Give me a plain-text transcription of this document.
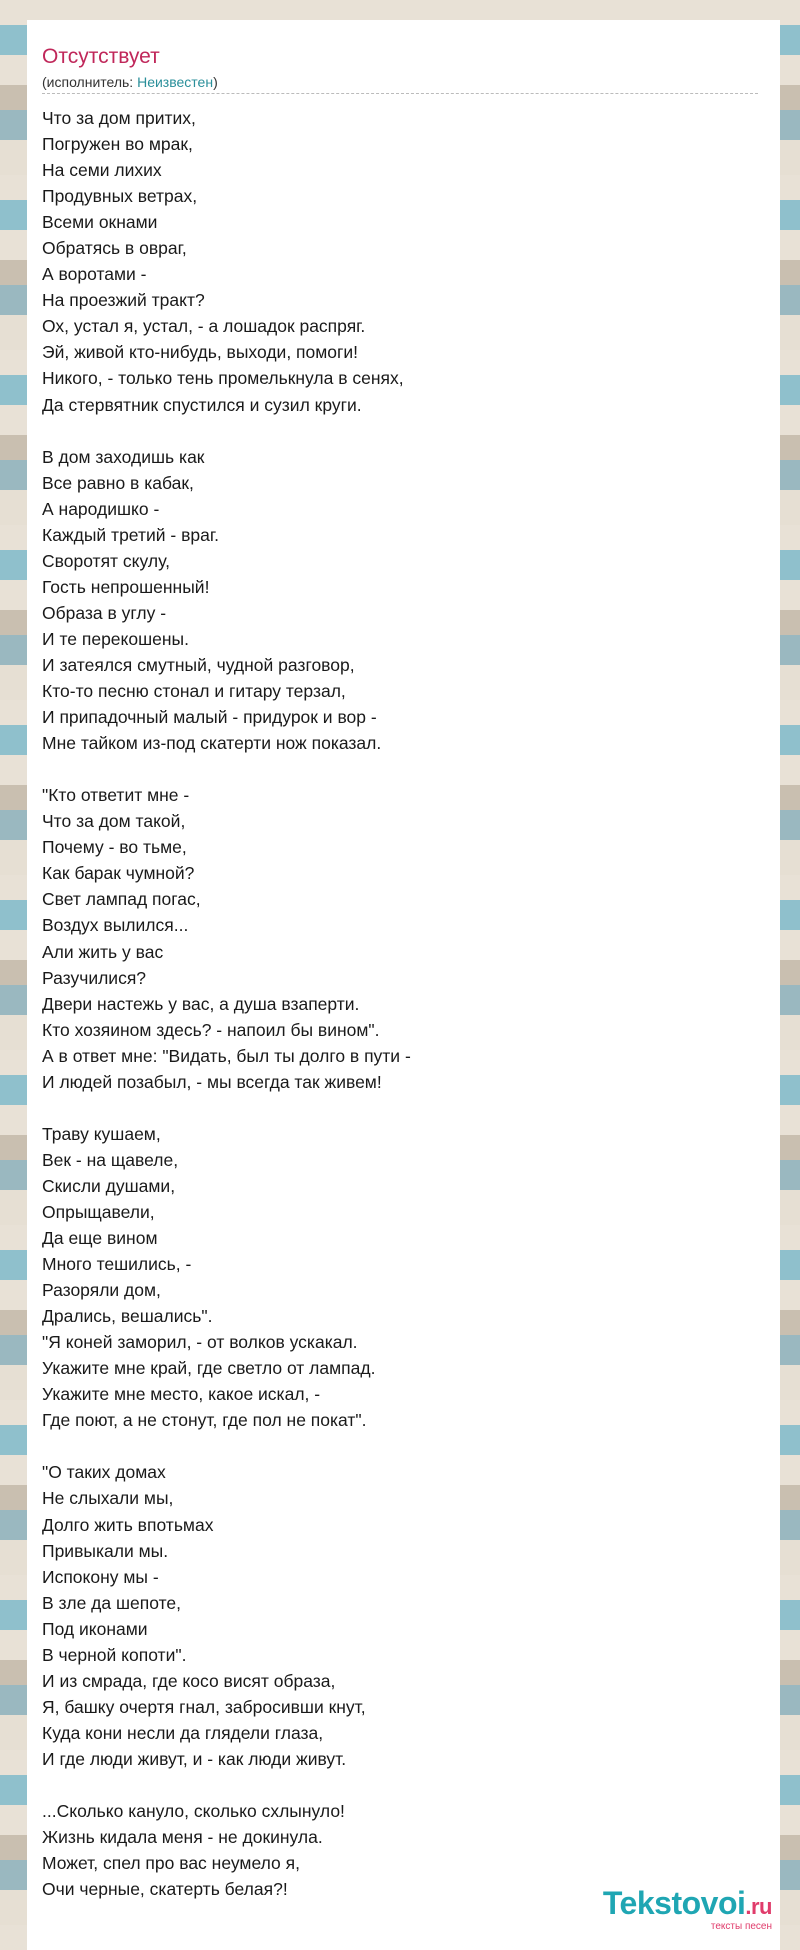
Отсутствует
(исполнитель: Неизвестен)
Что за дом притих,
Погружен во мрак,
На семи лихих
Продувных ветрах,
Всеми окнами
Обратясь в овраг,
А воротами -
На проезжий тракт?
Ох, устал я, устал, - а лошадок распряг.
Эй, живой кто-нибудь, выходи, помоги!
Никого, - только тень промелькнула в сенях,
Да стервятник спустился и сузил круги.
В дом заходишь как
Все равно в кабак,
А народишко -
Каждый третий - враг.
Своротят скулу,
Гость непрошенный!
Образа в углу -
И те перекошены.
И затеялся смутный, чудной разговор,
Кто-то песню стонал и гитару терзал,
И припадочный малый - придурок и вор -
Мне тайком из-под скатерти нож показал.
"Кто ответит мне -
Что за дом такой,
Почему - во тьме,
Как барак чумной?
Свет лампад погас,
Воздух вылился...
Али жить у вас
Разучилися?
Двери настежь у вас, а душа взаперти.
Кто хозяином здесь? - напоил бы вином".
А в ответ мне: "Видать, был ты долго в пути -
И людей позабыл, - мы всегда так живем!
Траву кушаем,
Век - на щавеле,
Скисли душами,
Опрыщавели,
Да еще вином
Много тешились, -
Разоряли дом,
Дрались, вешались".
"Я коней заморил, - от волков ускакал.
Укажите мне край, где светло от лампад.
Укажите мне место, какое искал, -
Где поют, а не стонут, где пол не покат".
"О таких домах
Не слыхали мы,
Долго жить впотьмах
Привыкали мы.
Испокону мы -
В зле да шепоте,
Под иконами
В черной копоти".
И из смрада, где косо висят образа,
Я, башку очертя гнал, забросивши кнут,
Куда кони несли да глядели глаза,
И где люди живут, и - как люди живут.
...Сколько кануло, сколько схлынуло!
Жизнь кидала меня - не докинула.
Может, спел про вас неумело я,
Очи черные, скатерть белая?!	Tekstovoi.ru
тексты песен
